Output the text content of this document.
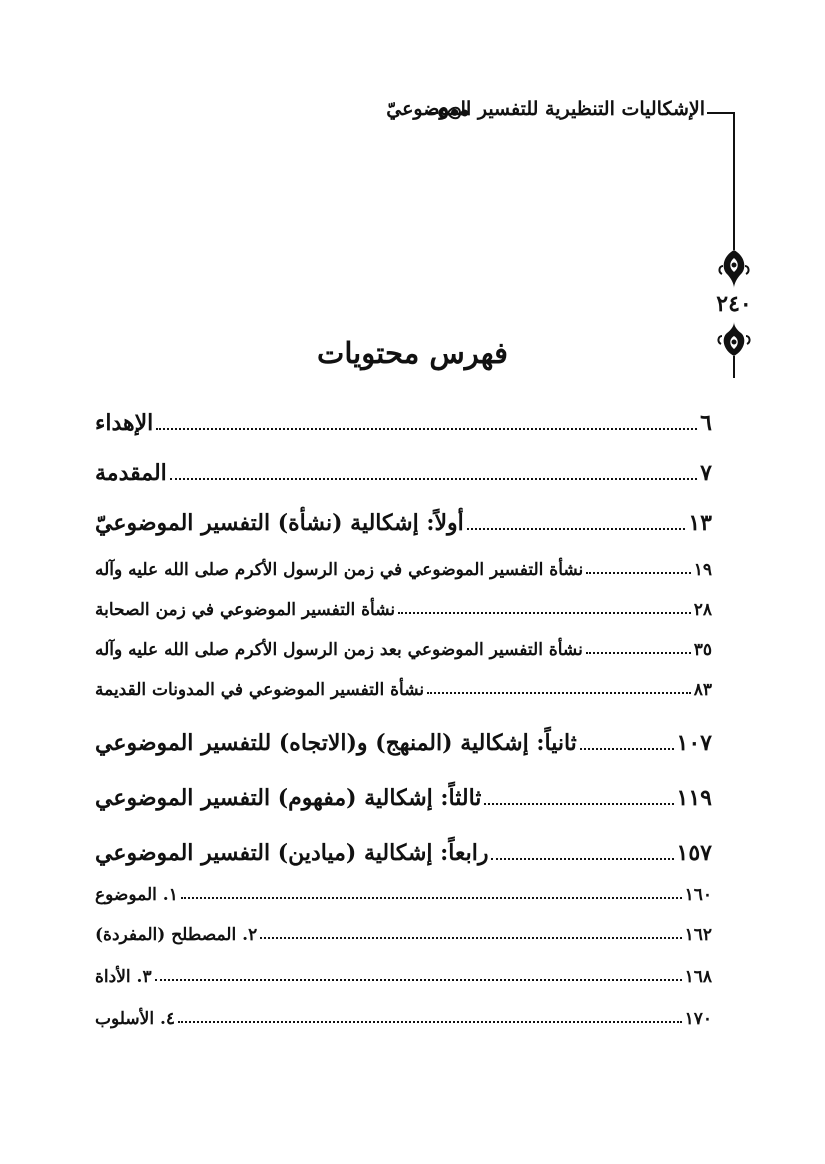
الإشكاليات التنظيرية للتفسير الموضوعيّ
٢٤٠
فهرس محتويات
الإهداء	٦
المقدمة	٧
أولاً: إشكالية (نشأة) التفسير الموضوعيّ	١٣
نشأة التفسير الموضوعي في زمن الرسول الأكرم صلى الله عليه وآله	١٩
نشأة التفسير الموضوعي في زمن الصحابة	٢٨
نشأة التفسير الموضوعي بعد زمن الرسول الأكرم صلى الله عليه وآله	٣٥
نشأة التفسير الموضوعي في المدونات القديمة	٨٣
ثانياً: إشكالية (المنهج) و(الاتجاه) للتفسير الموضوعي	١٠٧
ثالثاً: إشكالية (مفهوم) التفسير الموضوعي	١١٩
رابعاً: إشكالية (ميادين) التفسير الموضوعي	١٥٧
١. الموضوع	١٦٠
٢. المصطلح (المفردة)	١٦٢
٣. الأداة	١٦٨
٤. الأسلوب	١٧٠
